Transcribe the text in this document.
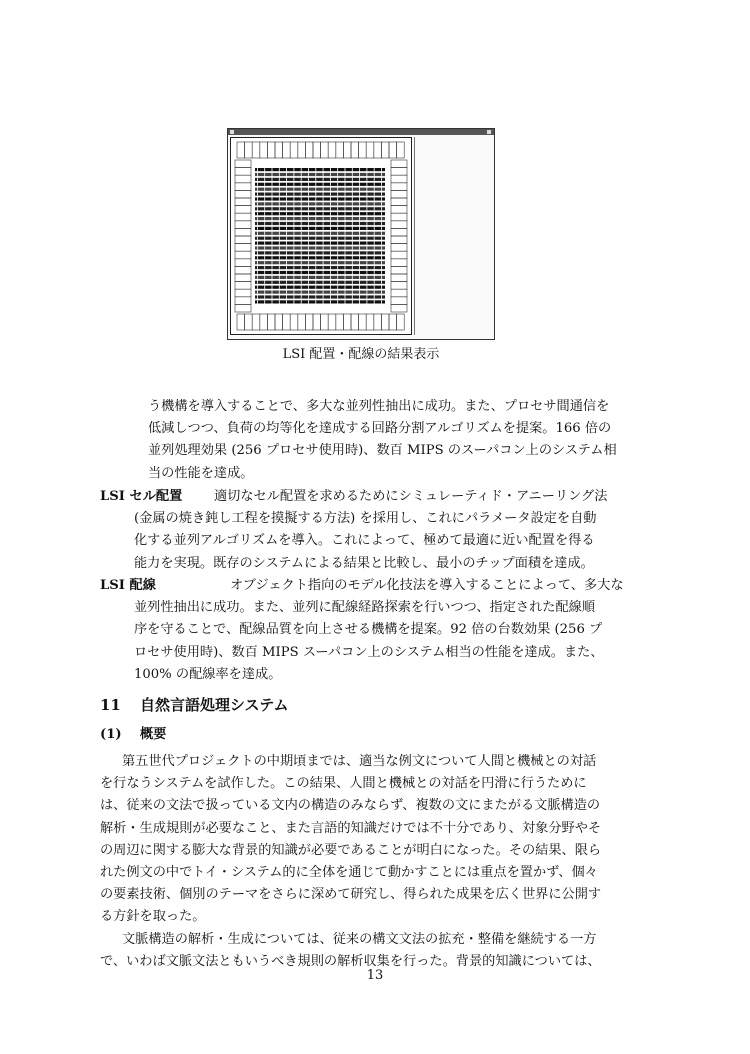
LSI 配置・配線の結果表示

う機構を導入することで、多大な並列性抽出に成功。また、プロセサ間通信を

低減しつつ、負荷の均等化を達成する回路分割アルゴリズムを提案。166 倍の

並列処理効果 (256 プロセサ使用時)、数百 MIPS のスーパコン上のシステム相

当の性能を達成。

LSI セル配置 適切なセル配置を求めるためにシミュレーティド・アニーリング法

(金属の焼き鈍し工程を摸擬する方法) を採用し、これにパラメータ設定を自動

化する並列アルゴリズムを導入。これによって、極めて最適に近い配置を得る

能力を実現。既存のシステムによる結果と比較し、最小のチップ面積を達成。

LSI 配線	オブジェクト指向のモデル化技法を導入することによって、多大な

並列性抽出に成功。また、並列に配線経路探索を行いつつ、指定された配線順

序を守ることで、配線品質を向上させる機構を提案。92 倍の台数効果 (256 プ

ロセサ使用時)、数百 MIPS スーパコン上のシステム相当の性能を達成。また、

100% の配線率を達成。

11 自然言語処理システム
(1) 概要

第五世代プロジェクトの中期頃までは、適当な例文について人間と機械との対話

を行なうシステムを試作した。この結果、人間と機械との対話を円滑に行うために

は、従来の文法で扱っている文内の構造のみならず、複数の文にまたがる文脈構造の

解析・生成規則が必要なこと、また言語的知識だけでは不十分であり、対象分野やそ

の周辺に関する膨大な背景的知識が必要であることが明白になった。その結果、限ら

れた例文の中でトイ・システム的に全体を通じて動かすことには重点を置かず、個々

の要素技術、個別のテーマをさらに深めて研究し、得られた成果を広く世界に公開す

る方針を取った。

文脈構造の解析・生成については、従来の構文文法の拡充・整備を継続する一方

で、いわば文脈文法ともいうべき規則の解析収集を行った。背景的知識については、

13
